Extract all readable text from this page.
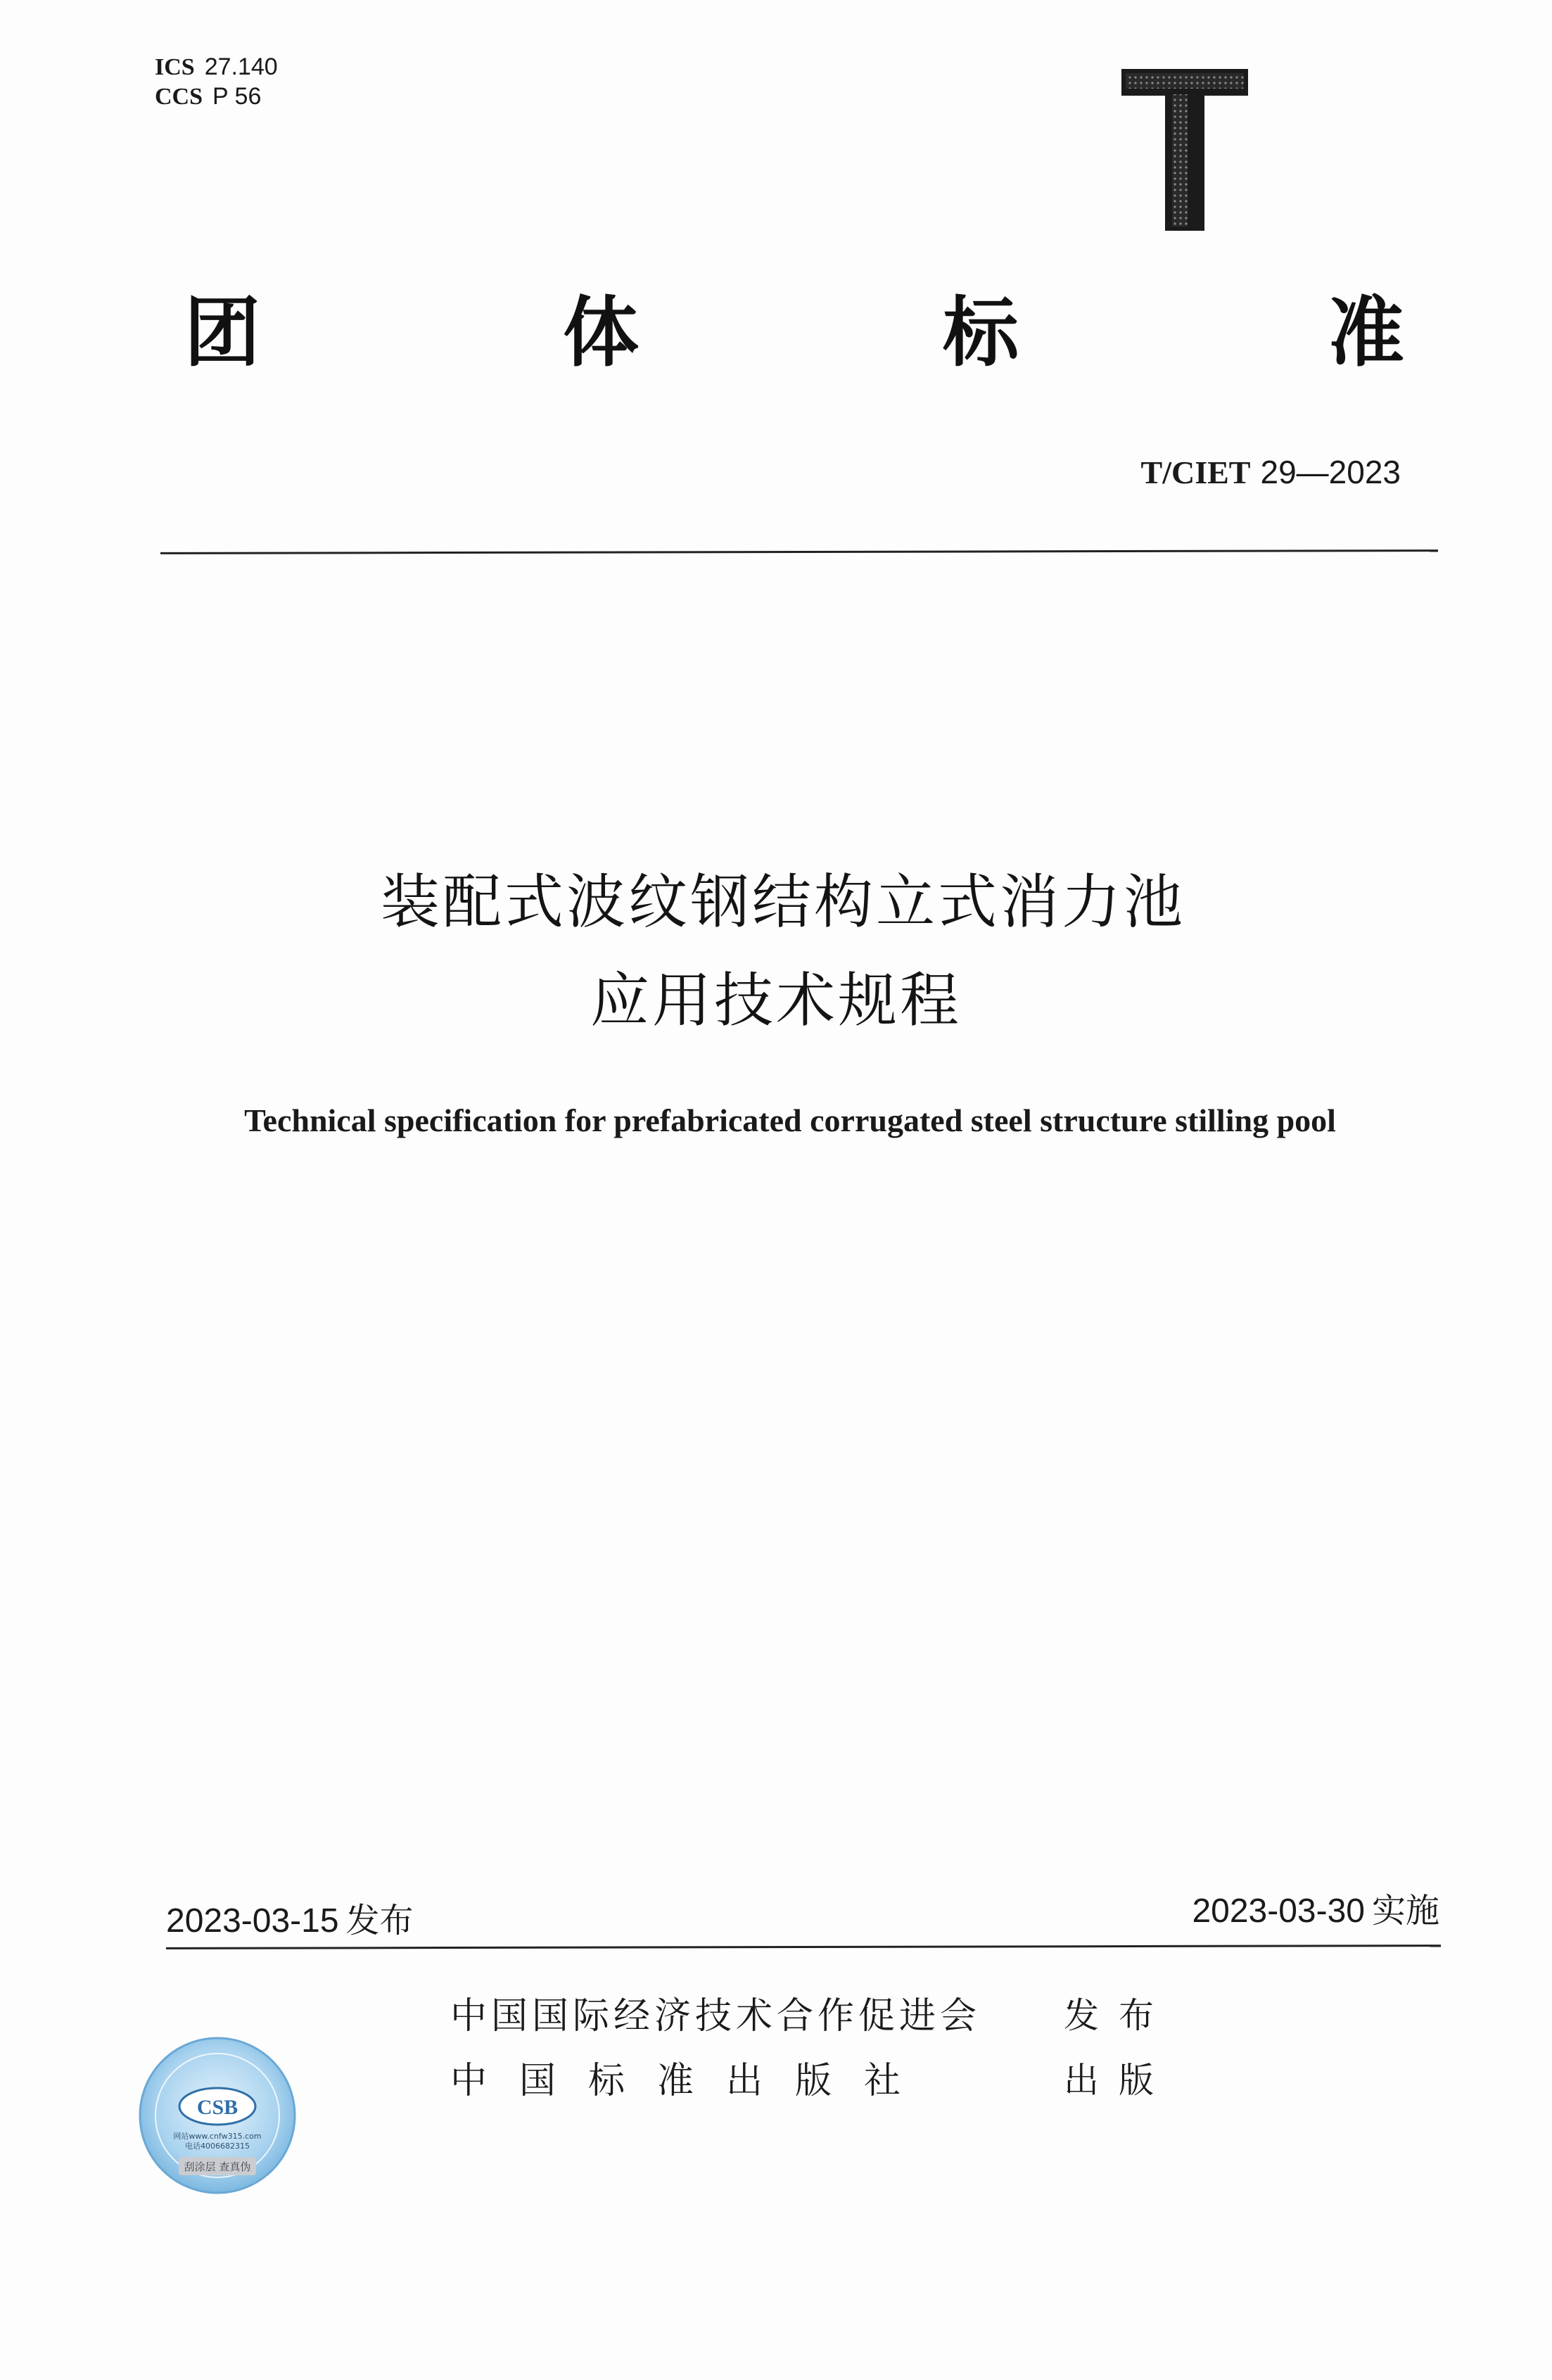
ICS 27.140
CCS P 56
团	体	标	准
T/CIET 29—2023
装配式波纹钢结构立式消力池
应用技术规程
Technical specification for prefabricated corrugated steel structure stilling pool
2023-03-15 发布	2023-03-30 实施
中国国际经济技术合作促进会 发布
中国标准出版社	出版
CSB
网站www.cnfw315.com
电话4006682315
刮涂层 查真伪
